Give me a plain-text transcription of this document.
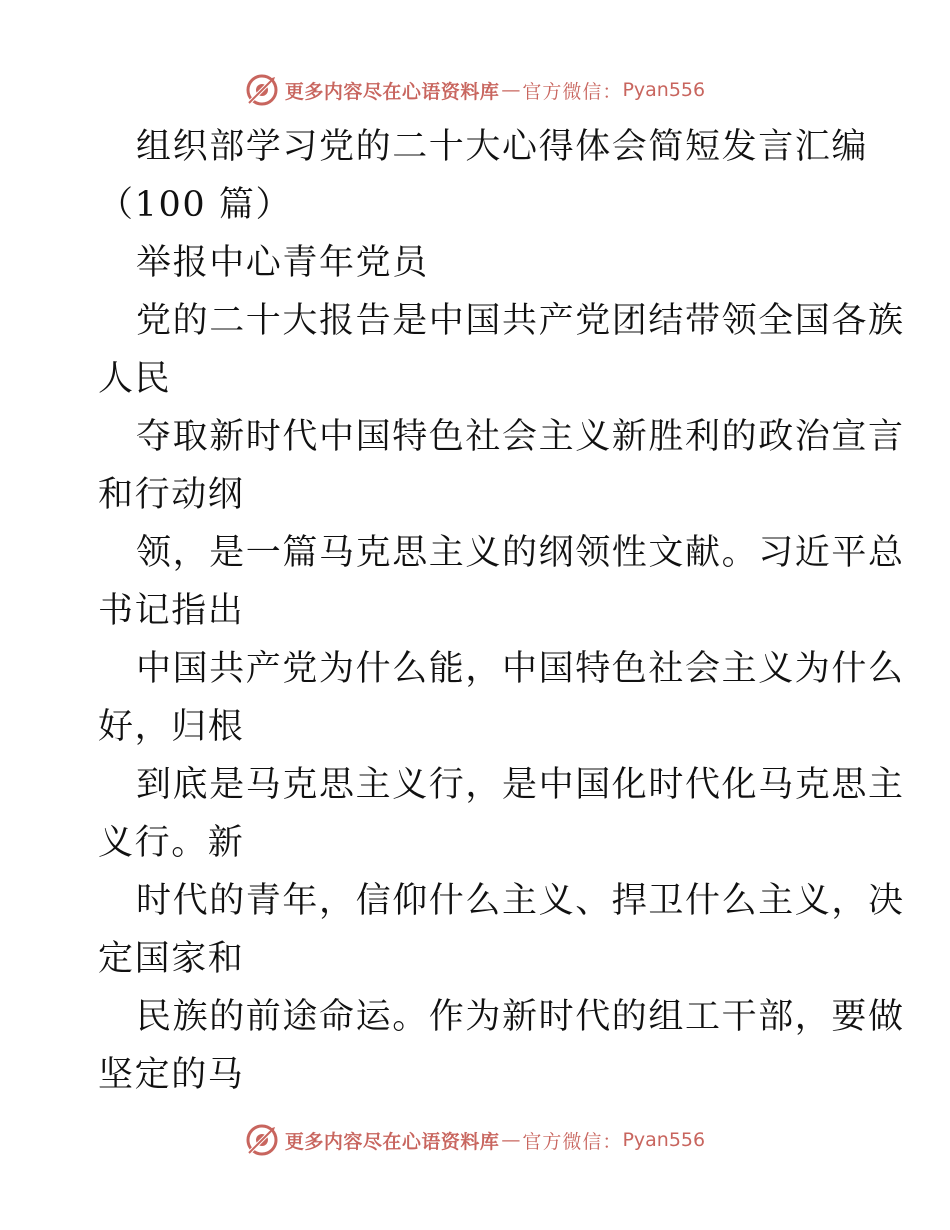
更多内容尽在心语资料库 — 官方微信： Pyan556
组织部学习党的二十大心得体会简短发言汇编
（100 篇）
举报中心青年党员
党的二十大报告是中国共产党团结带领全国各族
人民
夺取新时代中国特色社会主义新胜利的政治宣言
和行动纲
领，是一篇马克思主义的纲领性文献。习近平总
书记指出
中国共产党为什么能，中国特色社会主义为什么
好，归根
到底是马克思主义行，是中国化时代化马克思主
义行。新
时代的青年，信仰什么主义、捍卫什么主义，决
定国家和
民族的前途命运。作为新时代的组工干部，要做
坚定的马
更多内容尽在心语资料库 — 官方微信： Pyan556
